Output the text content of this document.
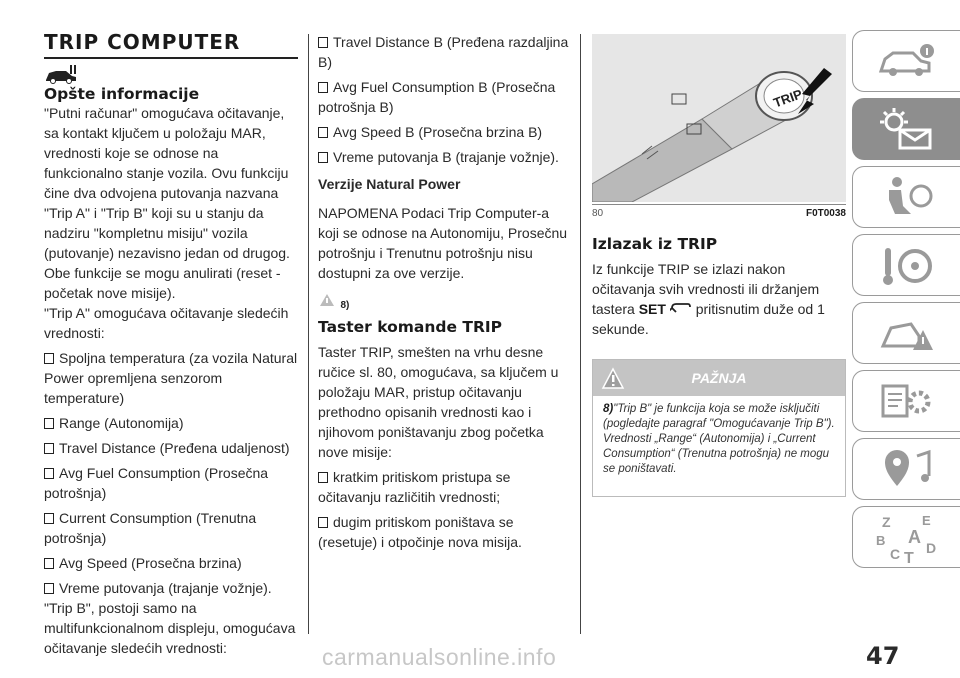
TRIP COMPUTER
Opšte informacije

"Putni računar" omogućava očitavanje, sa kontakt ključem u položaju MAR, vrednosti koje se odnose na funkcionalno stanje vozila. Ovu funkciju čine dva odvojena putovanja nazvana "Trip A" i "Trip B" koji su u stanju da nadziru "kompletnu misiju" vozila (putovanje) nezavisno jedan od drugog. Obe funkcije se mogu anulirati (reset - početak nove misije).

"Trip A" omogućava očitavanje sledećih vrednosti:

Spoljna temperatura (za vozila Natural Power opremljena senzorom temperature)
Range (Autonomija)
Travel Distance (Pređena udaljenost)
Avg Fuel Consumption (Prosečna potrošnja)
Current Consumption (Trenutna potrošnja)
Avg Speed (Prosečna brzina)
Vreme putovanja (trajanje vožnje).

"Trip B", postoji samo na multifunkcionalnom displeju, omogućava očitavanje sledećih vrednosti:

Travel Distance B (Pređena razdaljina B)
Avg Fuel Consumption B (Prosečna potrošnja B)
Avg Speed B (Prosečna brzina B)
Vreme putovanja B (trajanje vožnje).

Verzije Natural Power

NAPOMENA Podaci Trip Computer-a koji se odnose na Autonomiju, Prosečnu potrošnju i Trenutnu potrošnju nisu dostupni za ove verzije.

8)
Taster komande TRIP

Taster TRIP, smešten na vrhu desne ručice sl. 80, omogućava, sa ključem u položaju MAR, pristup očitavanju prethodno opisanih vrednosti kao i njihovom poništavanju zbog početka nove misije:

kratkim pritiskom pristupa se očitavanju različitih vrednosti;
dugim pritiskom poništava se (resetuje) i otpočinje nova misija.
TRIP
80	F0T0038
Izlazak iz TRIP

Iz funkcije TRIP se izlazi nakon očitavanja svih vrednosti ili držanjem tastera SET  pritisnutim duže od 1 sekunde.

PAŽNJA
8)"Trip B" je funkcija koja se može isključiti (pogledajte paragraf "Omogućavanje Trip B"). Vrednosti „Range“ (Autonomija) i „Current Consumption“ (Trenutna potrošnja) ne mogu se poništavati.
Z E
B A
C D
T
47
carmanualsonline.info
